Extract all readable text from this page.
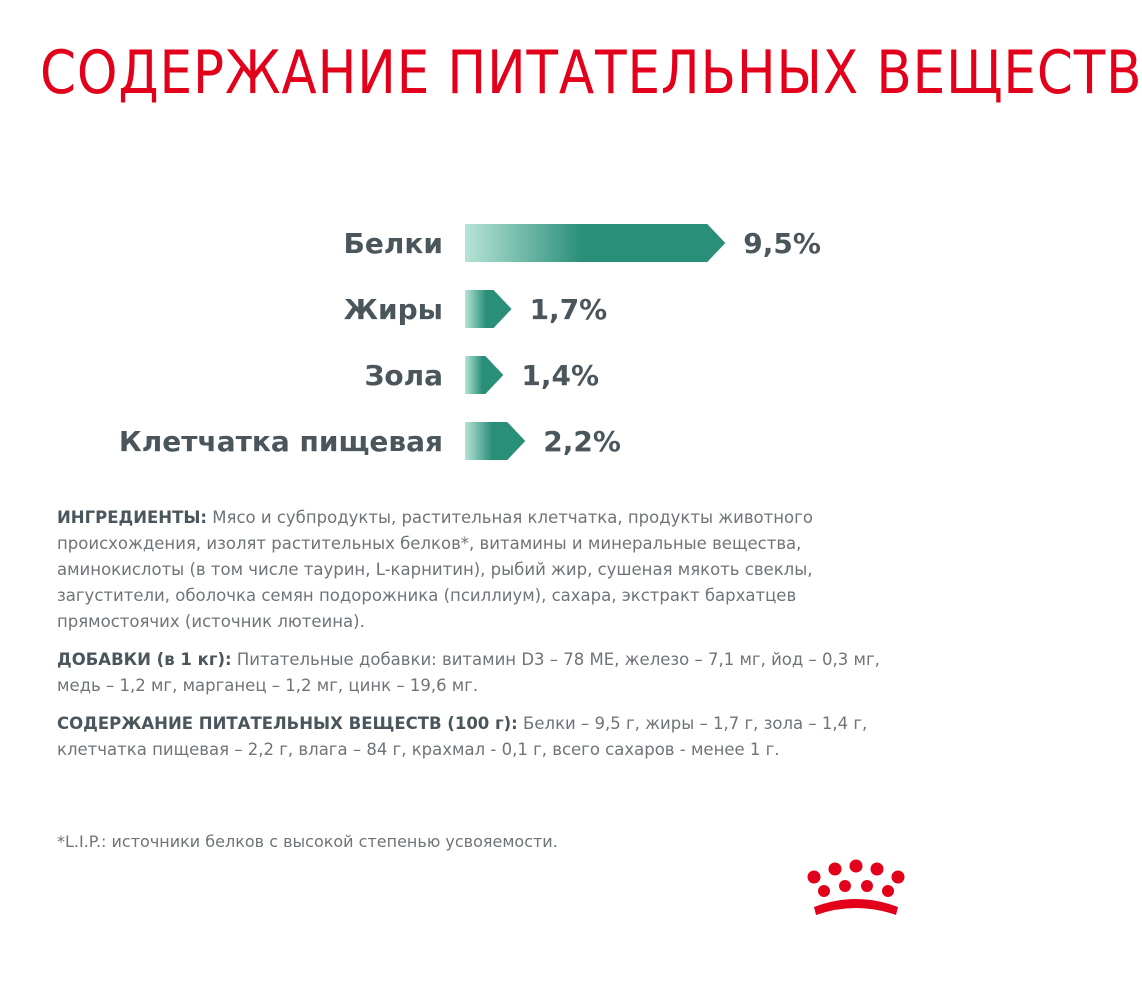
СОДЕРЖАНИЕ ПИТАТЕЛЬНЫХ ВЕЩЕСТВ
Белки	9,5%
Жиры	1,7%
Зола	1,4%
Клетчатка пищевая	2,2%

ИНГРЕДИЕНТЫ: Мясо и субпродукты, растительная клетчатка, продукты животного происхождения, изолят растительных белков*, витамины и минеральные вещества, аминокислоты (в том числе таурин, L-карнитин), рыбий жир, сушеная мякоть свеклы, загустители, оболочка семян подорожника (псиллиум), сахара, экстракт бархатцев прямостоячих (источник лютеина).

ДОБАВКИ (в 1 кг): Питательные добавки: витамин D3 – 78 МЕ, железо – 7,1 мг, йод – 0,3 мг, медь – 1,2 мг, марганец – 1,2 мг, цинк – 19,6 мг.

СОДЕРЖАНИЕ ПИТАТЕЛЬНЫХ ВЕЩЕСТВ (100 г): Белки – 9,5 г, жиры – 1,7 г, зола – 1,4 г, клетчатка пищевая – 2,2 г, влага – 84 г, крахмал - 0,1 г, всего сахаров - менее 1 г.

*L.I.P.: источники белков с высокой степенью усвояемости.
